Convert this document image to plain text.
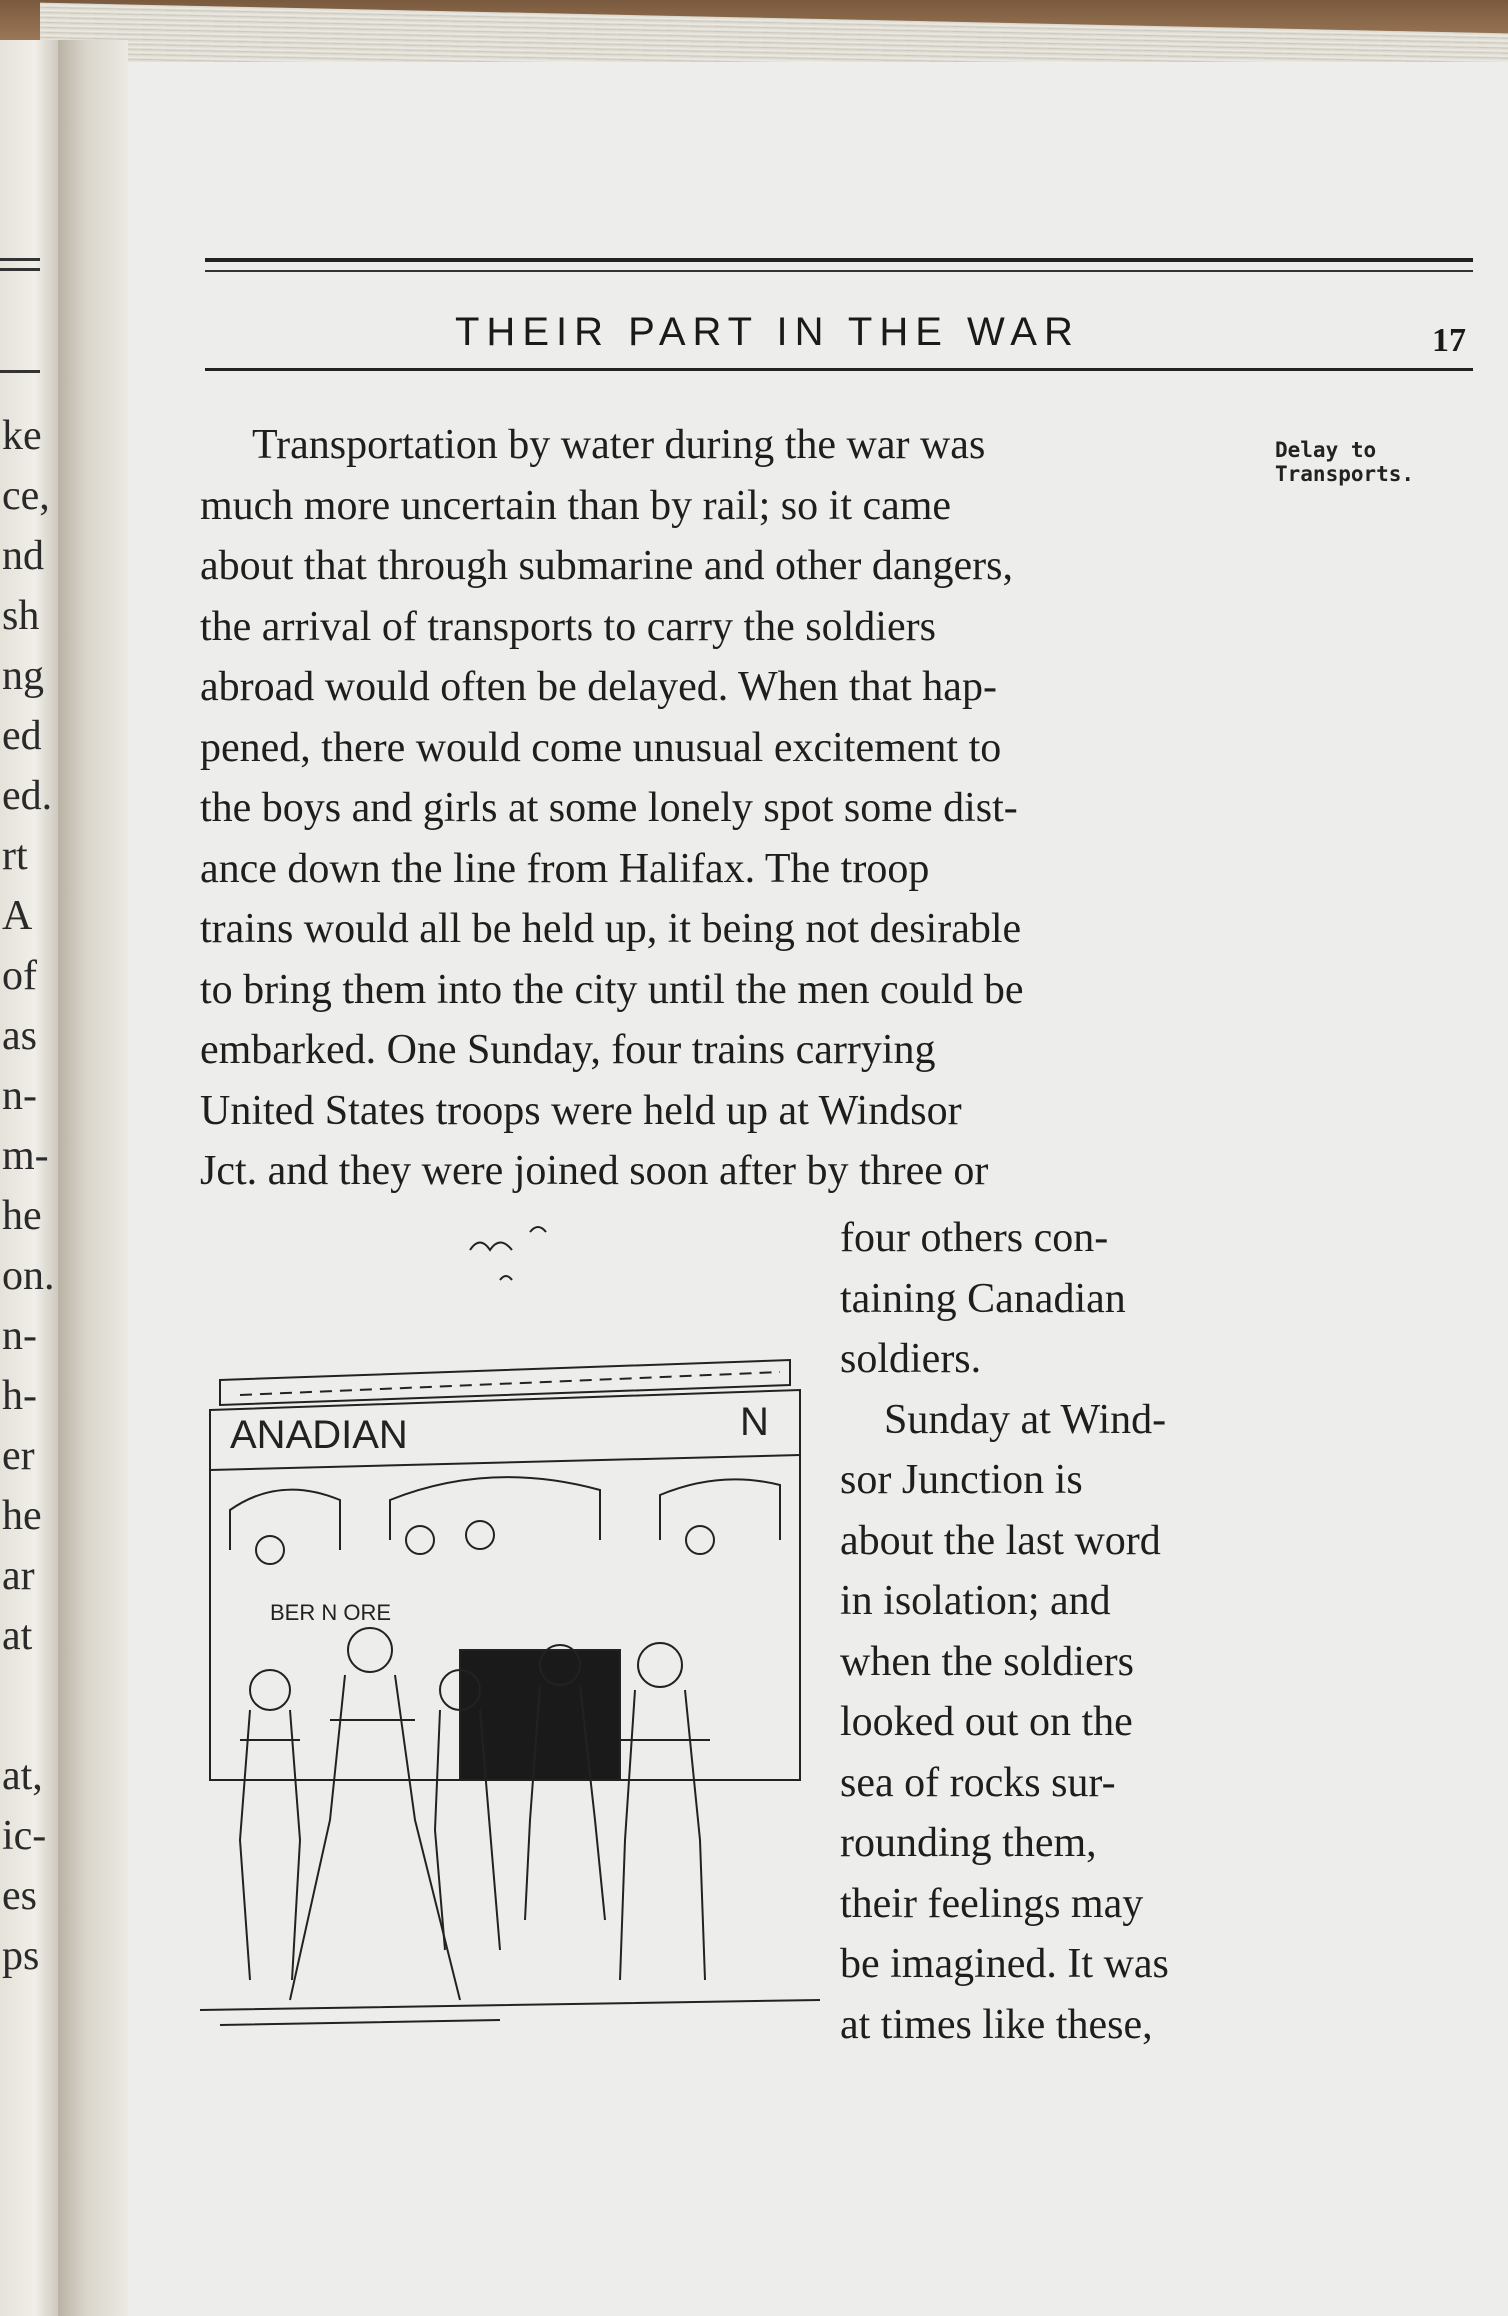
ke
ce,
nd
sh
ng
ed
ed.
rt
A
of
as
n-
m-
he
on.
n-
h-
er
he
ar
at
at,
ic-
es
ps
THEIR PART IN THE WAR	17
Delay to
Transports.
Transportation by water during the war was
much more uncertain than by rail; so it came
about that through submarine and other dangers,
the arrival of transports to carry the soldiers
abroad would often be delayed. When that hap-
pened, there would come unusual excitement to
the boys and girls at some lonely spot some dist-
ance down the line from Halifax. The troop
trains would all be held up, it being not desirable
to bring them into the city until the men could be
embarked. One Sunday, four trains carrying
United States troops were held up at Windsor
Jct. and they were joined soon after by three or
four others con-
taining Canadian
soldiers.
Sunday at Wind-
sor Junction is
about the last word
in isolation; and
when the soldiers
looked out on the
sea of rocks sur-
rounding them,
their feelings may
be imagined. It was
at times like these,
ANADIAN	N
BER N ORE
